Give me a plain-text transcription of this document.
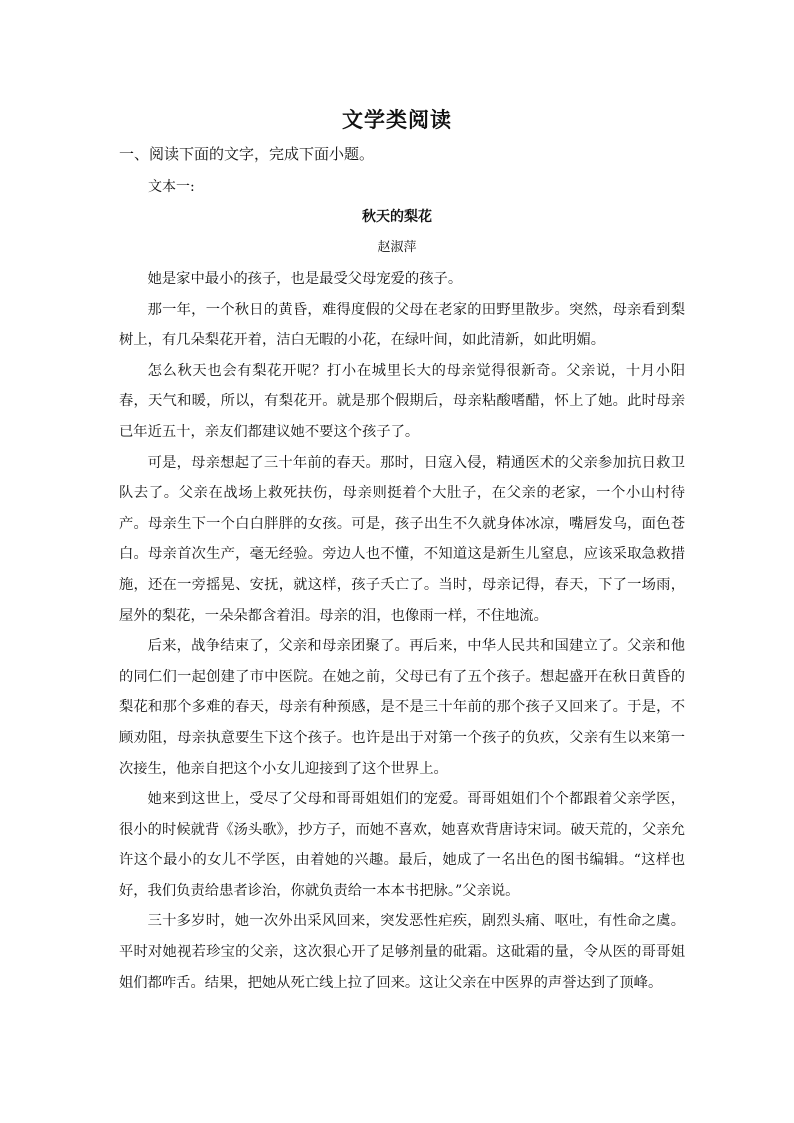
文学类阅读

一、阅读下面的文字，完成下面小题。

文本一:

秋天的梨花

赵淑萍

她是家中最小的孩子，也是最受父母宠爱的孩子。

那一年，一个秋日的黄昏，难得度假的父母在老家的田野里散步。突然，母亲看到梨树上，有几朵梨花开着，洁白无暇的小花，在绿叶间，如此清新，如此明媚。

怎么秋天也会有梨花开呢？打小在城里长大的母亲觉得很新奇。父亲说，十月小阳春，天气和暖，所以，有梨花开。就是那个假期后，母亲粘酸嗜醋，怀上了她。此时母亲已年近五十，亲友们都建议她不要这个孩子了。

可是，母亲想起了三十年前的春天。那时，日寇入侵，精通医术的父亲参加抗日救卫队去了。父亲在战场上救死扶伤，母亲则挺着个大肚子，在父亲的老家，一个小山村待产。母亲生下一个白白胖胖的女孩。可是，孩子出生不久就身体冰凉，嘴唇发乌，面色苍白。母亲首次生产，毫无经验。旁边人也不懂，不知道这是新生儿窒息，应该采取急救措施，还在一旁摇晃、安抚，就这样，孩子夭亡了。当时，母亲记得，春天，下了一场雨，屋外的梨花，一朵朵都含着泪。母亲的泪，也像雨一样，不住地流。

后来，战争结束了，父亲和母亲团聚了。再后来，中华人民共和国建立了。父亲和他的同仁们一起创建了市中医院。在她之前，父母已有了五个孩子。想起盛开在秋日黄昏的梨花和那个多难的春天，母亲有种预感，是不是三十年前的那个孩子又回来了。于是，不顾劝阻，母亲执意要生下这个孩子。也许是出于对第一个孩子的负疚，父亲有生以来第一次接生，他亲自把这个小女儿迎接到了这个世界上。

她来到这世上，受尽了父母和哥哥姐姐们的宠爱。哥哥姐姐们个个都跟着父亲学医，很小的时候就背《汤头歌》，抄方子，而她不喜欢，她喜欢背唐诗宋词。破天荒的，父亲允许这个最小的女儿不学医，由着她的兴趣。最后，她成了一名出色的图书编辑。“这样也好，我们负责给患者诊治，你就负责给一本本书把脉。”父亲说。

三十多岁时，她一次外出采风回来，突发恶性疟疾，剧烈头痛、呕吐，有性命之虞。平时对她视若珍宝的父亲，这次狠心开了足够剂量的砒霜。这砒霜的量，令从医的哥哥姐姐们都咋舌。结果，把她从死亡线上拉了回来。这让父亲在中医界的声誉达到了顶峰。
